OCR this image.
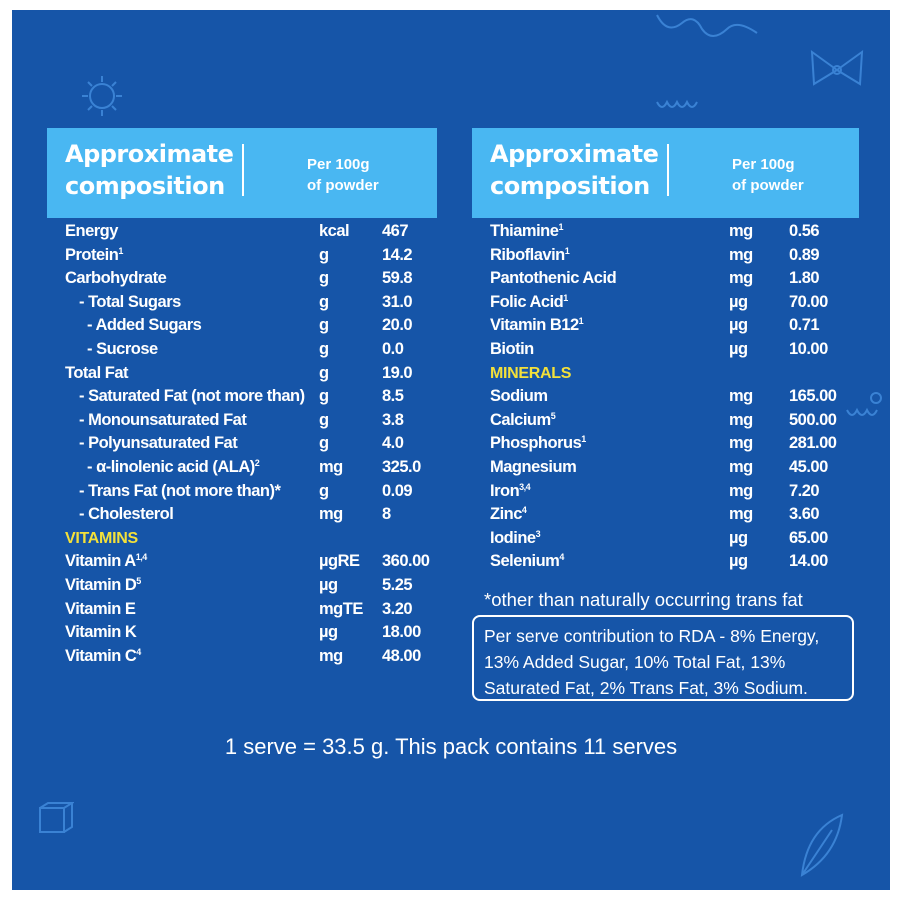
Approximate
composition
Per 100g
of powder
Energy	kcal 467
Protein$^1$	g	14.2
Carbohydrate	g	59.8
- Total Sugars	g	31.0
- Added Sugars	g	20.0
- Sucrose	g	0.0
Total Fat	g	19.0
- Saturated Fat (not more than) g	8.5
- Monounsaturated Fat	g	3.8
- Polyunsaturated Fat	g	4.0
- α-linolenic acid (ALA)$^2$	mg 325.0
- Trans Fat (not more than)* g	0.09
- Cholesterol	mg 8
VITAMINS
Vitamin A$^{1,4}$	µgRE 360.00
Vitamin $D^5$	µg	5.25
Vitamin E	mgTE 3.20
Vitamin K	µg	18.00
Vitamin $C^4$	mg 48.00
Approximate
composition
Per 100g
of powder
Thiamine$^1$	mg 0.56
Riboflavin$^1$	mg 0.89
Pantothenic Acid	mg 1.80
Folic Acid$^1$	µg	70.00
Vitamin $B12^1$	µg	0.71
Biotin	µg	10.00
MINERALS
Sodium	mg 165.00
Calcium$^5$	mg 500.00
Phosphorus$^1$	mg 281.00
Magnesium	mg 45.00
Iron$^{3,4}$	mg 7.20
Zinc$^4$	mg 3.60
Iodine$^3$	µg	65.00
Selenium$^4$	µg	14.00
*other than naturally occurring trans fat
Per serve contribution to RDA - 8% Energy,
13% Added Sugar, 10% Total Fat, 13%
Saturated Fat, 2% Trans Fat, 3% Sodium.
1 serve = 33.5 g. This pack contains 11 serves
